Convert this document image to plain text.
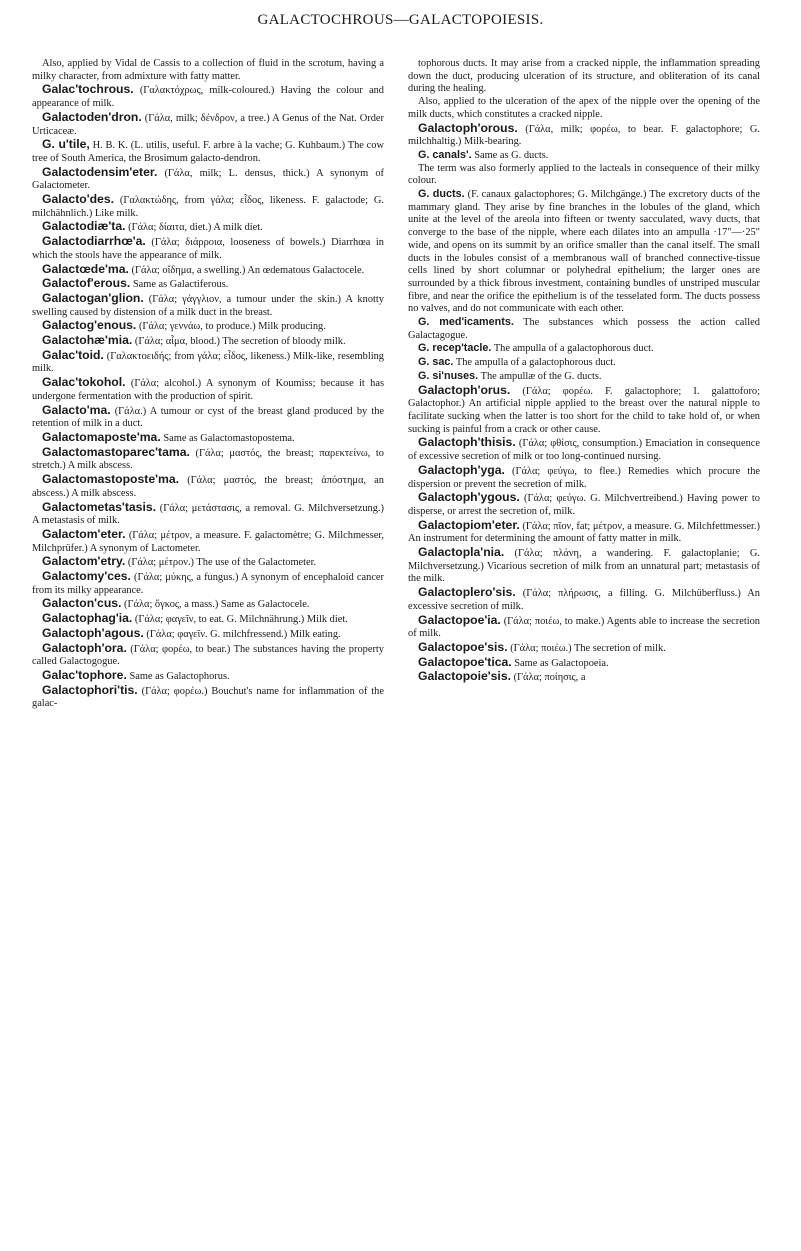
GALACTOCHROUS—GALACTOPOIESIS.

Also, applied by Vidal de Cassis to a collection of fluid in the scrotum, having a milky character, from admixture with fatty matter.

Galac'tochrous. (Γαλακτόχρως, milk-coloured.) Having the colour and appearance of milk.

Galactoden'dron. (Γάλα, milk; δένδρον, a tree.) A Genus of the Nat. Order Urticaceæ.

G. u'tile, H. B. K. (L. utilis, useful. F. arbre à la vache; G. Kuhbaum.) The cow tree of South America, the Brosimum galacto-dendron.

Galactodensim'eter. (Γάλα, milk; L. densus, thick.) A synonym of Galactometer.

Galacto'des. (Γαλακτώδης, from γάλα; εἶδος, likeness. F. galactode; G. milchähnlich.) Like milk.

Galactodiæ'ta. (Γάλα; δίαιτα, diet.) A milk diet.

Galactodiarrhœ'a. (Γάλα; διάρροια, looseness of bowels.) Diarrhœa in which the stools have the appearance of milk.

Galactœde'ma. (Γάλα; οἴδημα, a swelling.) An œdematous Galactocele.

Galactof'erous. Same as Galactiferous.

Galactogan'glion. (Γάλα; γάγγλιον, a tumour under the skin.) A knotty swelling caused by distension of a milk duct in the breast.

Galactog'enous. (Γάλα; γεννάω, to produce.) Milk producing.

Galactohæ'mia. (Γάλα; αἷμα, blood.) The secretion of bloody milk.

Galac'toid. (Γαλακτοειδής; from γάλα; εἶδος, likeness.) Milk-like, resembling milk.

Galac'tokohol. (Γάλα; alcohol.) A synonym of Koumiss; because it has undergone fermentation with the production of spirit.

Galacto'ma. (Γάλα.) A tumour or cyst of the breast gland produced by the retention of milk in a duct.

Galactomaposte'ma. Same as Galactomastopostema.

Galactomastoparec'tama. (Γάλα; μαστός, the breast; παρεκτείνω, to stretch.) A milk abscess.

Galactomastoposte'ma. (Γάλα; μαστός, the breast; ἀπόστημα, an abscess.) A milk abscess.

Galactometas'tasis. (Γάλα; μετάστασις, a removal. G. Milchversetzung.) A metastasis of milk.

Galactom'eter. (Γάλα; μέτρον, a measure. F. galactomètre; G. Milchmesser, Milchprüfer.) A synonym of Lactometer.

Galactom'etry. (Γάλα; μέτρον.) The use of the Galactometer.

Galactomy'ces. (Γάλα; μύκης, a fungus.) A synonym of encephaloid cancer from its milky appearance.

Galacton'cus. (Γάλα; ὄγκος, a mass.) Same as Galactocele.

Galactophag'ia. (Γάλα; φαγεῖν, to eat. G. Milchnährung.) Milk diet.

Galactoph'agous. (Γάλα; φαγεῖν. G. milchfressend.) Milk eating.

Galactoph'ora. (Γάλα; φορέω, to bear.) The substances having the property called Galactogogue.

Galac'tophore. Same as Galactophorus.

Galactophori'tis. (Γάλα; φορέω.) Bouchut's name for inflammation of the galac-

tophorous ducts. It may arise from a cracked nipple, the inflammation spreading down the duct, producing ulceration of its structure, and obliteration of its canal during the healing.

Also, applied to the ulceration of the apex of the nipple over the opening of the milk ducts, which constitutes a cracked nipple.

Galactoph'orous. (Γάλα, milk; φορέω, to bear. F. galactophore; G. milchhaltig.) Milk-bearing.

G. canals'. Same as G. ducts.

The term was also formerly applied to the lacteals in consequence of their milky colour.

G. ducts. (F. canaux galactophores; G. Milchgänge.) The excretory ducts of the mammary gland. They arise by fine branches in the lobules of the gland, which unite at the level of the areola into fifteen or twenty sacculated, wavy ducts, that converge to the base of the nipple, where each dilates into an ampulla ·17"—·25" wide, and opens on its summit by an orifice smaller than the canal itself. The small ducts in the lobules consist of a membranous wall of branched connective-tissue cells lined by short columnar or polyhedral epithelium; the larger ones are surrounded by a thick fibrous investment, containing bundles of unstriped muscular fibre, and near the orifice the epithelium is of the tesselated form. The ducts possess no valves, and do not communicate with each other.

G. med'icaments. The substances which possess the action called Galactagogue.

G. recep'tacle. The ampulla of a galactophorous duct.

G. sac. The ampulla of a galactophorous duct.

G. si'nuses. The ampullæ of the G. ducts.

Galactoph'orus. (Γάλα; φορέω. F. galactophore; I. galattoforo; Galactophor.) An artificial nipple applied to the breast over the natural nipple to facilitate sucking when the latter is too short for the child to take hold of, or when sucking is painful from a crack or other cause.

Galactoph'thisis. (Γάλα; φθίσις, consumption.) Emaciation in consequence of excessive secretion of milk or too long-continued nursing.

Galactoph'yga. (Γάλα; φεύγω, to flee.) Remedies which procure the dispersion or prevent the secretion of milk.

Galactoph'ygous. (Γάλα; φεύγω. G. Milchvertreibend.) Having power to disperse, or arrest the secretion of, milk.

Galactopiom'eter. (Γάλα; πῖον, fat; μέτρον, a measure. G. Milchfettmesser.) An instrument for determining the amount of fatty matter in milk.

Galactopla'nia. (Γάλα; πλάνη, a wandering. F. galactoplanie; G. Milchversetzung.) Vicarious secretion of milk from an unnatural part; metastasis of the milk.

Galactoplero'sis. (Γάλα; πλήρωσις, a filling. G. Milchüberfluss.) An excessive secretion of milk.

Galactopoe'ia. (Γάλα; ποιέω, to make.) Agents able to increase the secretion of milk.

Galactopoe'sis. (Γάλα; ποιέω.) The secretion of milk.

Galactopoe'tica. Same as Galactopoeia.

Galactopoie'sis. (Γάλα; ποίησις, a
